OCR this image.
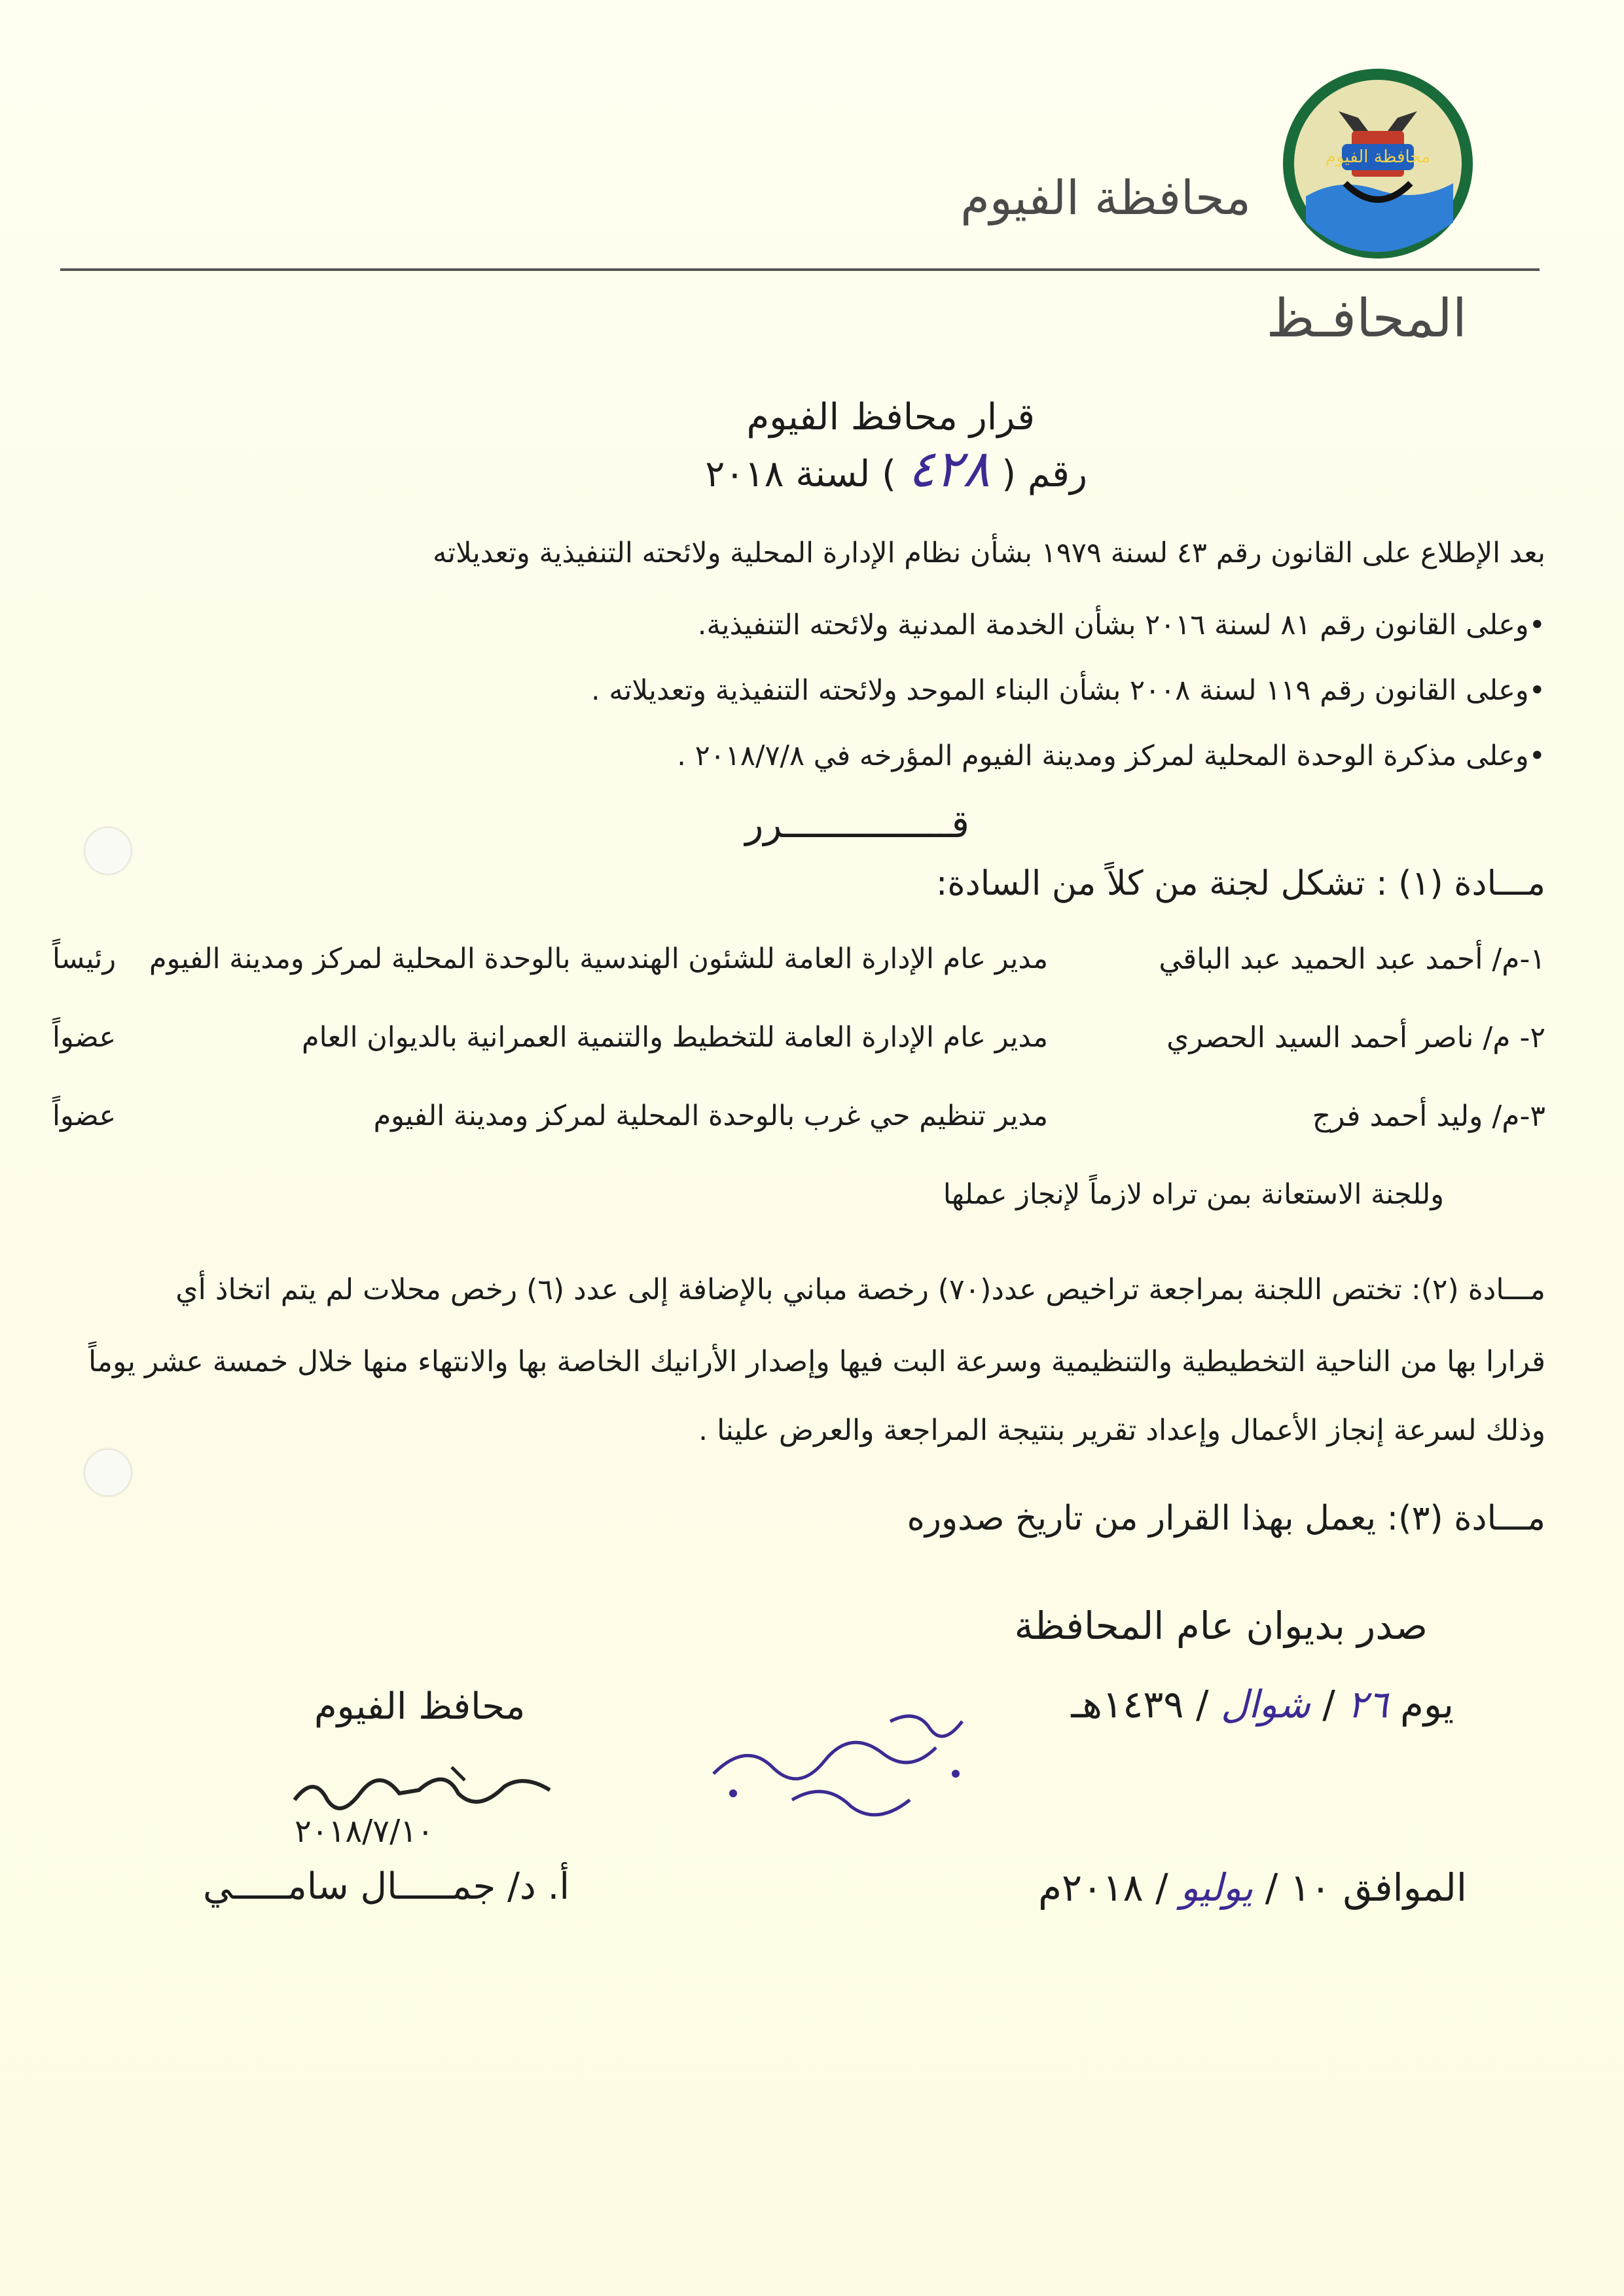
محافظة الفيوم
محافظة الفيوم
المحافـظ
قرار محافظ الفيوم
رقم ( ٤٢٨ ) لسنة ٢٠١٨
بعد الإطلاع على القانون رقم ٤٣ لسنة ١٩٧٩ بشأن نظام الإدارة المحلية ولائحته التنفيذية وتعديلاته
•وعلى القانون رقم ٨١ لسنة ٢٠١٦ بشأن الخدمة المدنية ولائحته التنفيذية.
•وعلى القانون رقم ١١٩ لسنة ٢٠٠٨ بشأن البناء الموحد ولائحته التنفيذية وتعديلاته .
•وعلى مذكرة الوحدة المحلية لمركز ومدينة الفيوم المؤرخه في ٢٠١٨/٧/٨ .
قـــــــــــــــرر
مـــادة (١) : تشكل لجنة من كلاً من السادة:
١-م/ أحمد عبد الحميد عبد الباقي
مدير عام الإدارة العامة للشئون الهندسية بالوحدة المحلية لمركز ومدينة الفيوم
رئيساً
٢- م/ ناصر أحمد السيد الحصري
مدير عام الإدارة العامة للتخطيط والتنمية العمرانية بالديوان العام
عضواً
٣-م/ وليد أحمد فرج
مدير تنظيم حي غرب بالوحدة المحلية لمركز ومدينة الفيوم
عضواً
وللجنة الاستعانة بمن تراه لازماً لإنجاز عملها
مـــادة (٢): تختص اللجنة بمراجعة تراخيص عدد(٧٠) رخصة مباني بالإضافة إلى عدد (٦) رخص محلات لم يتم اتخاذ أي
قرارا بها من الناحية التخطيطية والتنظيمية وسرعة البت فيها وإصدار الأرانيك الخاصة بها والانتهاء منها خلال خمسة عشر يوماً
وذلك لسرعة إنجاز الأعمال وإعداد تقرير بنتيجة المراجعة والعرض علينا .
مـــادة (٣): يعمل بهذا القرار من تاريخ صدوره
صدر بديوان عام المحافظة
يوم ٢٦ / شوال / ١٤٣٩هـ
الموافق ١٠ / يوليو / ٢٠١٨م
محافظ الفيوم
٢٠١٨/٧/١٠
أ. د/ جمـــــال سامـــــي
